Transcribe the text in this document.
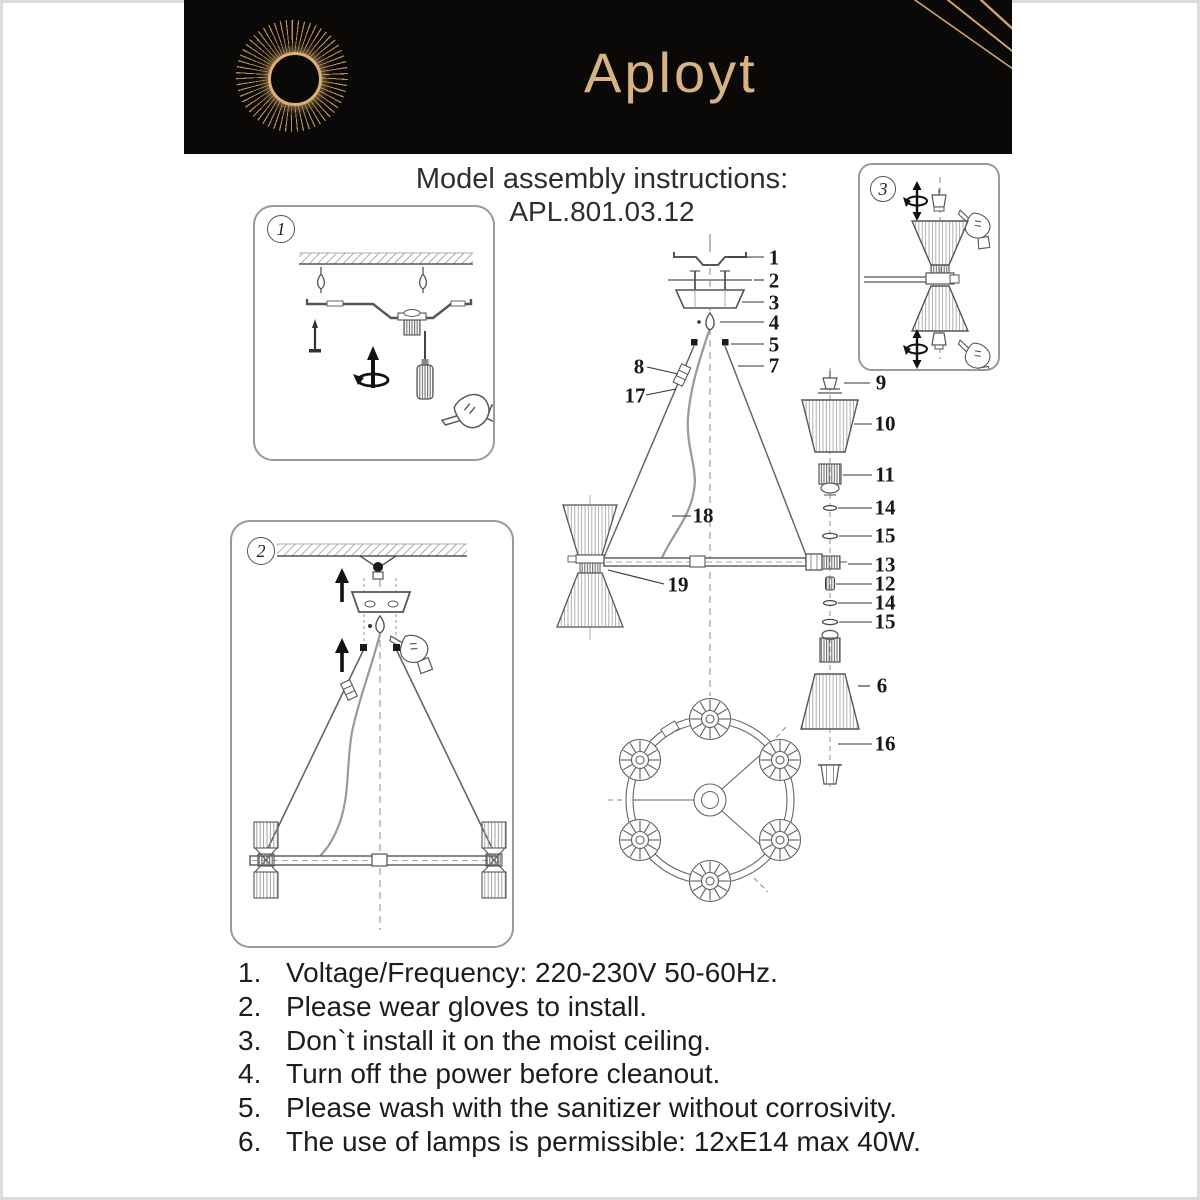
Aployt
Model assembly instructions:
APL.801.03.12
1
2
3
1
2
3
4
5
7
8
17
18
19
9
10
11
14
15
13
12
14
15
6
16
1. Voltage/Frequency: 220-230V 50-60Hz.
2. Please wear gloves to install.
3. Don`t install it on the moist ceiling.
4. Turn off the power before cleanout.
5. Please wash with the sanitizer without corrosivity.
6. The use of lamps is permissible: 12xE14 max 40W.
